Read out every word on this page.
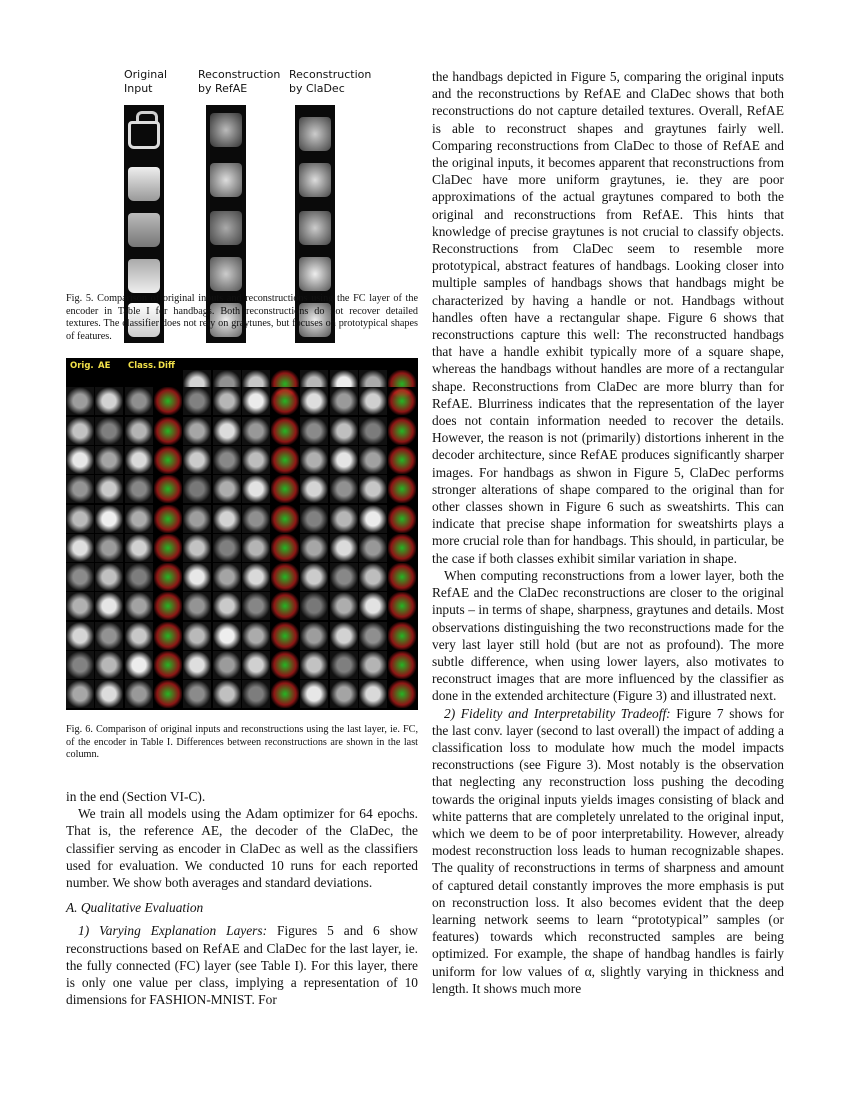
Original
Input
Reconstruction
by RefAE
Reconstruction
by ClaDec

Fig. 5. Comparison of original inputs and reconstructions using the FC layer of the encoder in Table I for handbags. Both reconstructions do not recover detailed textures. The classifier does not rely on graytunes, but focuses on prototypical shapes of features.

Orig. AE Class. Diff

Fig. 6. Comparison of original inputs and reconstructions using the last layer, ie. FC, of the encoder in Table I. Differences between reconstructions are shown in the last column.

in the end (Section VI-C).

We train all models using the Adam optimizer for 64 epochs. That is, the reference AE, the decoder of the ClaDec, the classifier serving as encoder in ClaDec as well as the classifiers used for evaluation. We conducted 10 runs for each reported number. We show both averages and standard deviations.

A. Qualitative Evaluation

1) Varying Explanation Layers: Figures 5 and 6 show reconstructions based on RefAE and ClaDec for the last layer, ie. the fully connected (FC) layer (see Table I). For this layer, there is only one value per class, implying a representation of 10 dimensions for FASHION-MNIST. For

the handbags depicted in Figure 5, comparing the original inputs and the reconstructions by RefAE and ClaDec shows that both reconstructions do not capture detailed textures. Overall, RefAE is able to reconstruct shapes and graytunes fairly well. Comparing reconstructions from ClaDec to those of RefAE and the original inputs, it becomes apparent that reconstructions from ClaDec have more uniform graytunes, ie. they are poor approximations of the actual graytunes compared to both the original and reconstructions from RefAE. This hints that knowledge of precise graytunes is not crucial to classify objects. Reconstructions from ClaDec seem to resemble more prototypical, abstract features of handbags. Looking closer into multiple samples of handbags shows that handbags might be characterized by having a handle or not. Handbags without handles often have a rectangular shape. Figure 6 shows that reconstructions capture this well: The reconstructed handbags that have a handle exhibit typically more of a square shape, whereas the handbags without handles are more of a rectangular shape. Reconstructions from ClaDec are more blurry than for RefAE. Blurriness indicates that the representation of the layer does not contain information needed to recover the details. However, the reason is not (primarily) distortions inherent in the decoder architecture, since RefAE produces significantly sharper images. For handbags as shwon in Figure 5, ClaDec performs stronger alterations of shape compared to the original than for other classes shown in Figure 6 such as sweatshirts. This can indicate that precise shape information for sweatshirts plays a more crucial role than for handbags. This should, in particular, be the case if both classes exhibit similar variation in shape.

When computing reconstructions from a lower layer, both the RefAE and the ClaDec reconstructions are closer to the original inputs – in terms of shape, sharpness, graytunes and details. Most observations distinguishing the two reconstructions made for the very last layer still hold (but are not as profound). The more subtle difference, when using lower layers, also motivates to reconstruct images that are more influenced by the classifier as done in the extended architecture (Figure 3) and illustrated next.

2) Fidelity and Interpretability Tradeoff: Figure 7 shows for the last conv. layer (second to last overall) the impact of adding a classification loss to modulate how much the model impacts reconstructions (see Figure 3). Most notably is the observation that neglecting any reconstruction loss pushing the decoding towards the original inputs yields images consisting of black and white patterns that are completely unrelated to the original input, which we deem to be of poor interpretability. However, already modest reconstruction loss leads to human recognizable shapes. The quality of reconstructions in terms of sharpness and amount of captured detail constantly improves the more emphasis is put on reconstruction loss. It also becomes evident that the deep learning network seems to learn “prototypical” samples (or features) towards which reconstructed samples are being optimized. For example, the shape of handbag handles is fairly uniform for low values of α, slightly varying in thickness and length. It shows much more
